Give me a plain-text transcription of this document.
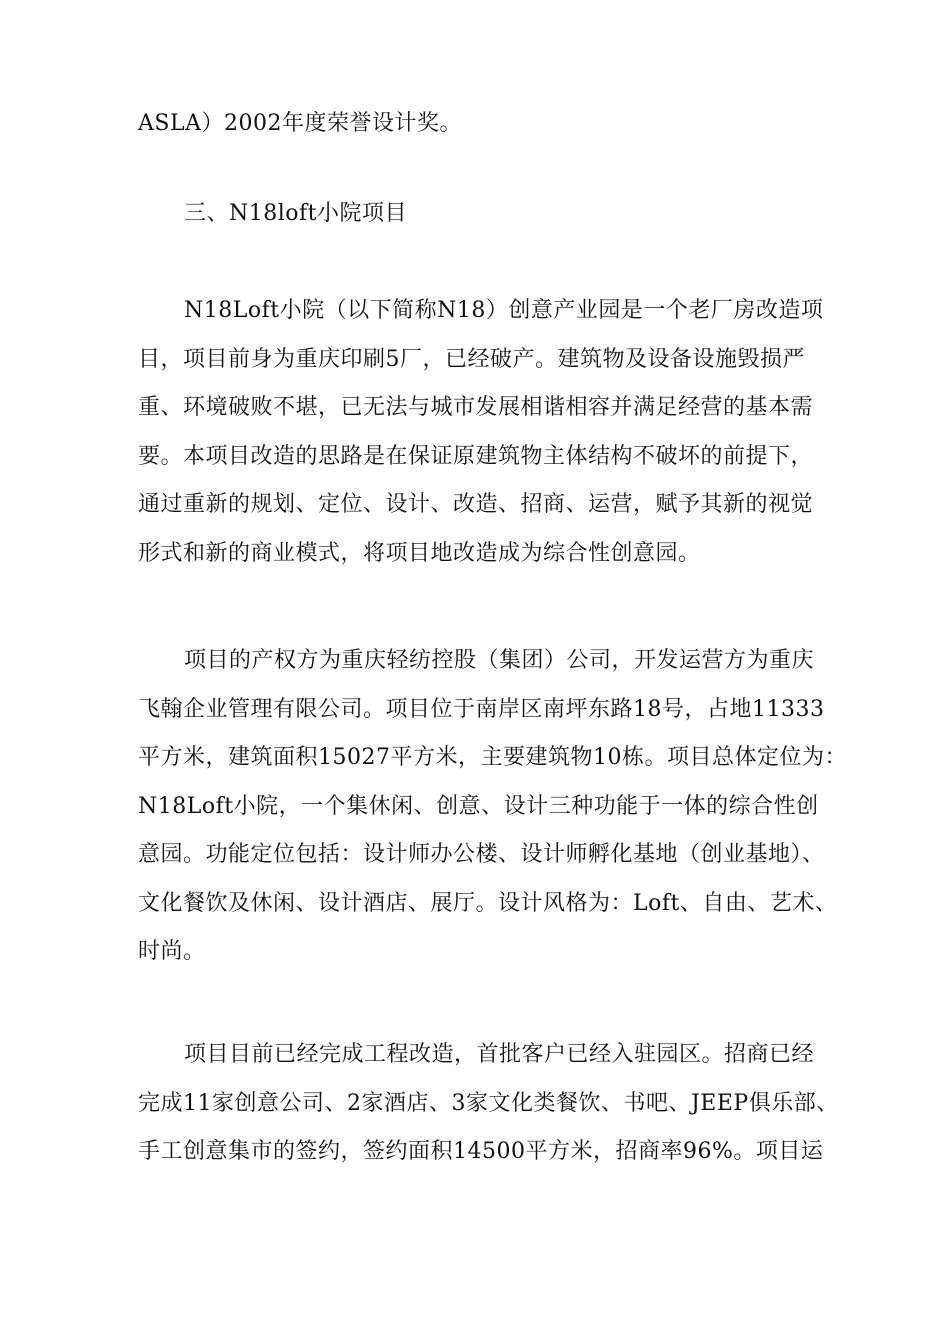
ASLA）2002年度荣誉设计奖。
三、N18loft小院项目
N18Loft小院（以下简称N18）创意产业园是一个老厂房改造项
目，项目前身为重庆印刷5厂，已经破产。建筑物及设备设施毁损严
重、环境破败不堪，已无法与城市发展相谐相容并满足经营的基本需
要。本项目改造的思路是在保证原建筑物主体结构不破坏的前提下，
通过重新的规划、定位、设计、改造、招商、运营，赋予其新的视觉
形式和新的商业模式，将项目地改造成为综合性创意园。
项目的产权方为重庆轻纺控股（集团）公司，开发运营方为重庆
飞翰企业管理有限公司。项目位于南岸区南坪东路18号，占地11333
平方米，建筑面积15027平方米，主要建筑物10栋。项目总体定位为：
N18Loft小院，一个集休闲、创意、设计三种功能于一体的综合性创
意园。功能定位包括：设计师办公楼、设计师孵化基地（创业基地）、
文化餐饮及休闲、设计酒店、展厅。设计风格为：Loft、自由、艺术、
时尚。
项目目前已经完成工程改造，首批客户已经入驻园区。招商已经
完成11家创意公司、2家酒店、3家文化类餐饮、书吧、JEEP俱乐部、
手工创意集市的签约，签约面积14500平方米，招商率96%。项目运
